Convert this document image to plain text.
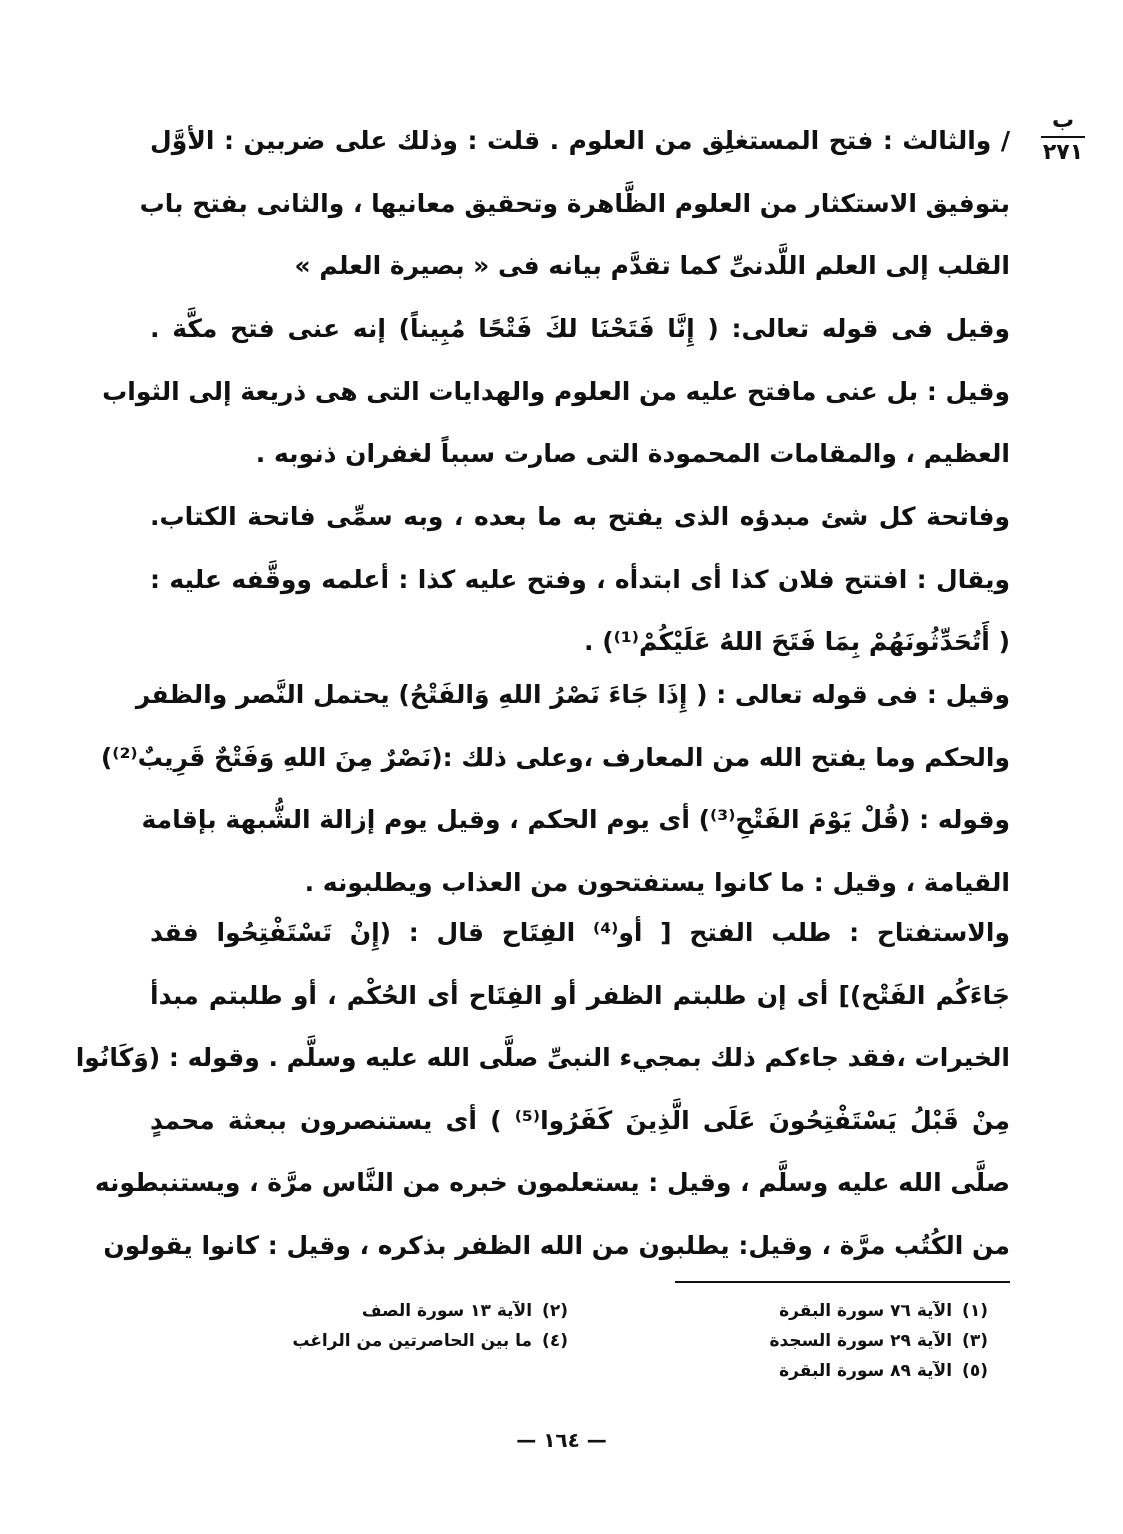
ب
٢٧١
/ والثالث : فتح المستغلِق من العلوم . قلت : وذلك على ضربين : الأوَّل
بتوفيق الاستكثار من العلوم الظَّاهرة وتحقيق معانيها ، والثانى بفتح باب
القلب إلى العلم اللَّدنىِّ كما تقدَّم بيانه فى « بصيرة العلم »
وقيل فى قوله تعالى: ( إِنَّا فَتَحْنَا لكَ فَتْحًا مُبِيناً) إنه عنى فتح مكَّة .
وقيل : بل عنى مافتح عليه من العلوم والهدايات التى هى ذريعة إلى الثواب
العظيم ، والمقامات المحمودة التى صارت سبباً لغفران ذنوبه .
وفاتحة كل شئ مبدؤه الذى يفتح به ما بعده ، وبه سمِّى فاتحة الكتاب.
ويقال : افتتح فلان كذا أى ابتدأه ، وفتح عليه كذا : أعلمه ووقَّفه عليه :
( أَتُحَدِّثُونَهُمْ بِمَا فَتَحَ اللهُ عَلَيْكُمْ⁽¹⁾) .
وقيل : فى قوله تعالى : ( إِذَا جَاءَ نَصْرُ اللهِ وَالفَتْحُ) يحتمل النَّصر والظفر
والحكم وما يفتح الله من المعارف ،وعلى ذلك :(نَصْرٌ مِنَ اللهِ وَفَتْحٌ قَرِيبٌ⁽²⁾)
وقوله : (قُلْ يَوْمَ الفَتْحِ⁽³⁾) أى يوم الحكم ، وقيل يوم إزالة الشُّبهة بإقامة
القيامة ، وقيل : ما كانوا يستفتحون من العذاب ويطلبونه .
والاستفتاح : طلب الفتح [ أو⁽⁴⁾ الفِتَاح قال : (إِنْ تَسْتَفْتِحُوا فقد
جَاءَكُم الفَتْح)] أى إن طلبتم الظفر أو الفِتَاح أى الحُكْم ، أو طلبتم مبدأ
الخيرات ،فقد جاءكم ذلك بمجيء النبىِّ صلَّى الله عليه وسلَّم . وقوله : (وَكَانُوا
مِنْ قَبْلُ يَسْتَفْتِحُونَ عَلَى الَّذِينَ كَفَرُوا⁽⁵⁾ ) أى يستنصرون ببعثة محمدٍ
صلَّى الله عليه وسلَّم ، وقيل : يستعلمون خبره من النَّاس مرَّة ، ويستنبطونه
من الكُتُب مرَّة ، وقيل: يطلبون من الله الظفر بذكره ، وقيل : كانوا يقولون
(١)الآية ٧٦ سورة البقرة
(٢)الآية ١٣ سورة الصف
(٣)الآية ٢٩ سورة السجدة
(٤)ما بين الحاصرتين من الراغب
(٥)الآية ٨٩ سورة البقرة
— ١٦٤ —
